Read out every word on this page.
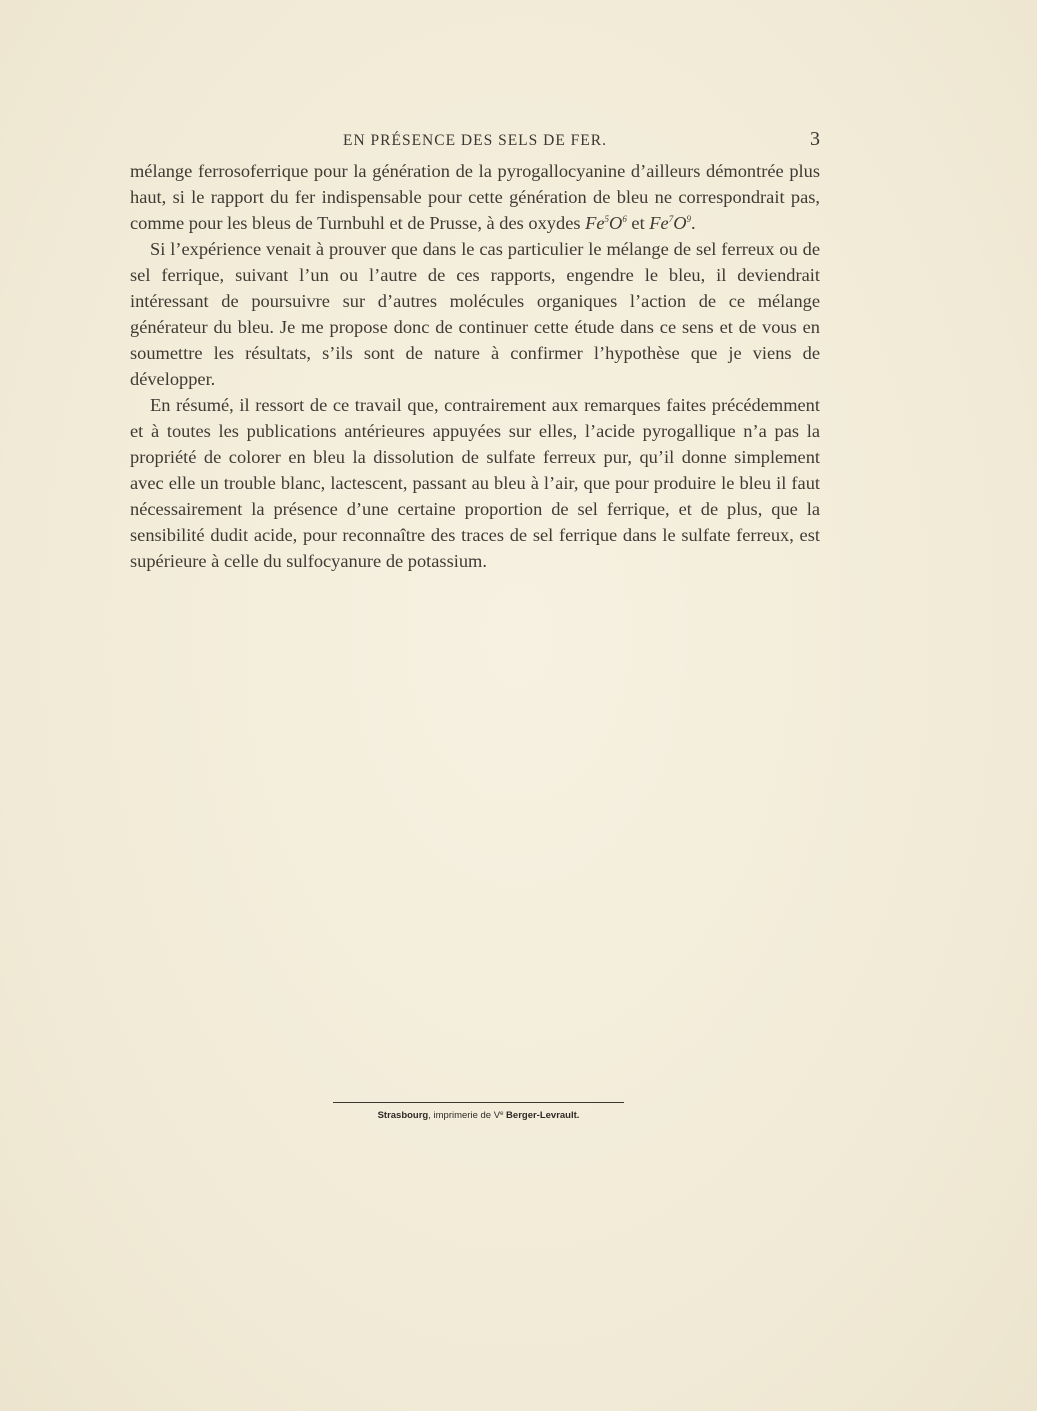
EN PRÉSENCE DES SELS DE FER.	3

mélange ferrosoferrique pour la génération de la pyrogallocyanine d’ailleurs démontrée plus haut, si le rapport du fer indispensable pour cette génération de bleu ne correspondrait pas, comme pour les bleus de Turnbuhl et de Prusse, à des oxydes $Fe^5O^6$ et $Fe^7O^9$.

Si l’expérience venait à prouver que dans le cas particulier le mélange de sel ferreux ou de sel ferrique, suivant l’un ou l’autre de ces rapports, engendre le bleu, il deviendrait intéressant de poursuivre sur d’autres molécules organiques l’action de ce mélange générateur du bleu. Je me propose donc de continuer cette étude dans ce sens et de vous en soumettre les résultats, s’ils sont de nature à confirmer l’hypothèse que je viens de développer.

En résumé, il ressort de ce travail que, contrairement aux remarques faites précédemment et à toutes les publications antérieures appuyées sur elles, l’acide pyrogallique n’a pas la propriété de colorer en bleu la dissolution de sulfate ferreux pur, qu’il donne simplement avec elle un trouble blanc, lactescent, passant au bleu à l’air, que pour produire le bleu il faut nécessairement la présence d’une certaine proportion de sel ferrique, et de plus, que la sensibilité dudit acide, pour reconnaître des traces de sel ferrique dans le sulfate ferreux, est supérieure à celle du sulfocyanure de potassium.

Strasbourg, imprimerie de Ve Berger-Levrault.
